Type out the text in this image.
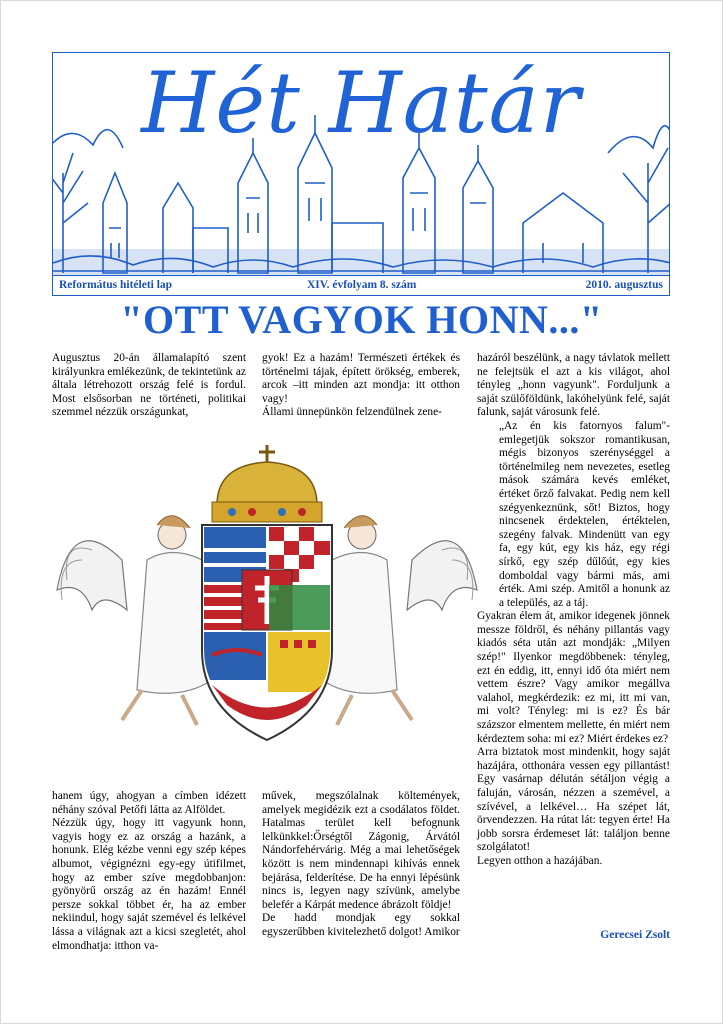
Hét Határ
Református hitéleti lap	XIV. évfolyam 8. szám	2010. augusztus
"OTT VAGYOK HONN..."

Augusztus 20-án államalapító szent királyunkra emlékezünk, de tekintetünk az általa létrehozott ország felé is fordul. Most elsősorban ne történeti, politikai szemmel nézzük országunkat,

gyok! Ez a hazám! Természeti értékek és történelmi tájak, épített örökség, emberek, arcok –itt minden azt mondja: itt otthon vagy!

Állami ünnepünkön felzendülnek zene-

hazáról beszélünk, a nagy távlatok mellett ne felejtsük el azt a kis világot, ahol tényleg „honn vagyunk". Forduljunk a saját szülőföldünk, lakóhelyünk felé, saját falunk, saját városunk felé.

„Az én kis fatornyos falum"- emlegetjük sokszor romantikusan, mégis bizonyos szerénységgel a történelmileg nem nevezetes, esetleg mások számára kevés emléket, értéket őrző falvakat. Pedig nem kell szégyenkeznünk, sőt! Biztos, hogy nincsenek érdektelen, értéktelen, szegény falvak. Mindenütt van egy fa, egy kút, egy kis ház, egy régi sírkő, egy szép dűlőút, egy kies domboldal vagy bármi más, ami érték. Ami szép. Amitől a honunk az a település, az a táj.

Gyakran élem át, amikor idegenek jönnek messze földről, és néhány pillantás vagy kiadós séta után azt mondják: „Milyen szép!" Ilyenkor megdöbbenek: tényleg, ezt én eddig, itt, ennyi idő óta miért nem vettem észre? Vagy amikor megállva valahol, megkérdezik: ez mi, itt mi van, mi volt? Tényleg: mi is ez? És bár százszor elmentem mellette, én miért nem kérdeztem soha: mi ez? Miért érdekes ez?

Arra biztatok most mindenkit, hogy saját hazájára, otthonára vessen egy pillantást! Egy vasárnap délután sétáljon végig a faluján, városán, nézzen a szemével, a szívével, a lelkével… Ha szépet lát, örvendezzen. Ha rútat lát: tegyen érte! Ha jobb sorsra érdemeset lát: találjon benne szolgálatot!

Legyen otthon a hazájában.

hanem úgy, ahogyan a címben idézett néhány szóval Petőfi látta az Alföldet.

Nézzük úgy, hogy itt vagyunk honn, vagyis hogy ez az ország a hazánk, a honunk. Elég kézbe venni egy szép képes albumot, végignézni egy-egy útifilmet, hogy az ember szíve megdobbanjon: gyönyörű ország az én hazám! Ennél persze sokkal többet ér, ha az ember nekiindul, hogy saját szemével és lelkével lássa a világnak azt a kicsi szegletét, ahol elmondhatja: itthon va-

művek, megszólalnak költemények, amelyek megidézik ezt a csodálatos földet. Hatalmas terület kell befognunk lelkünkkel:Őrségtől Zágonig, Árvától Nándorfehérvárig. Még a mai lehetőségek között is nem mindennapi kihívás ennek bejárása, felderítése. De ha ennyi lépésünk nincs is, legyen nagy szívünk, amelybe belefér a Kárpát medence ábrázolt földje!

De hadd mondjak egy sokkal egyszerűbben kivitelezhető dolgot! Amikor	Gerecsei Zsolt
